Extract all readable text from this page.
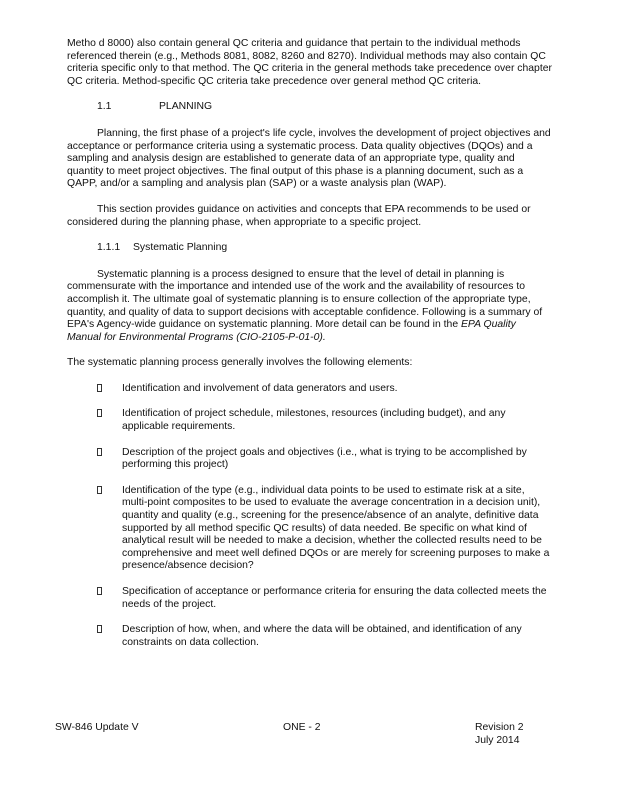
Metho d 8000) also contain general QC criteria and guidance that pertain to the individual methods referenced therein (e.g., Methods 8081, 8082, 8260 and 8270). Individual methods may also contain QC criteria specific only to that method. The QC criteria in the general methods take precedence over chapter QC criteria. Method-specific QC criteria take precedence over general method QC criteria.

1.1	PLANNING

Planning, the first phase of a project's life cycle, involves the development of project objectives and acceptance or performance criteria using a systematic process. Data quality objectives (DQOs) and a sampling and analysis design are established to generate data of an appropriate type, quality and quantity to meet project objectives. The final output of this phase is a planning document, such as a QAPP, and/or a sampling and analysis plan (SAP) or a waste analysis plan (WAP).

This section provides guidance on activities and concepts that EPA recommends to be used or considered during the planning phase, when appropriate to a specific project.

1.1.1 Systematic Planning

Systematic planning is a process designed to ensure that the level of detail in planning is commensurate with the importance and intended use of the work and the availability of resources to accomplish it. The ultimate goal of systematic planning is to ensure collection of the appropriate type, quantity, and quality of data to support decisions with acceptable confidence. Following is a summary of EPA's Agency-wide guidance on systematic planning. More detail can be found in the EPA Quality Manual for Environmental Programs (CIO-2105-P-01-0).

The systematic planning process generally involves the following elements:

Identification and involvement of data generators and users.
Identification of project schedule, milestones, resources (including budget), and any applicable requirements.
Description of the project goals and objectives (i.e., what is trying to be accomplished by performing this project)
Identification of the type (e.g., individual data points to be used to estimate risk at a site, multi-point composites to be used to evaluate the average concentration in a decision unit), quantity and quality (e.g., screening for the presence/absence of an analyte, definitive data supported by all method specific QC results) of data needed. Be specific on what kind of analytical result will be needed to make a decision, whether the collected results need to be comprehensive and meet well defined DQOs or are merely for screening purposes to make a presence/absence decision?
Specification of acceptance or performance criteria for ensuring the data collected meets the needs of the project.
Description of how, when, and where the data will be obtained, and identification of any constraints on data collection.
SW-846 Update V	ONE - 2	Revision 2
July 2014
